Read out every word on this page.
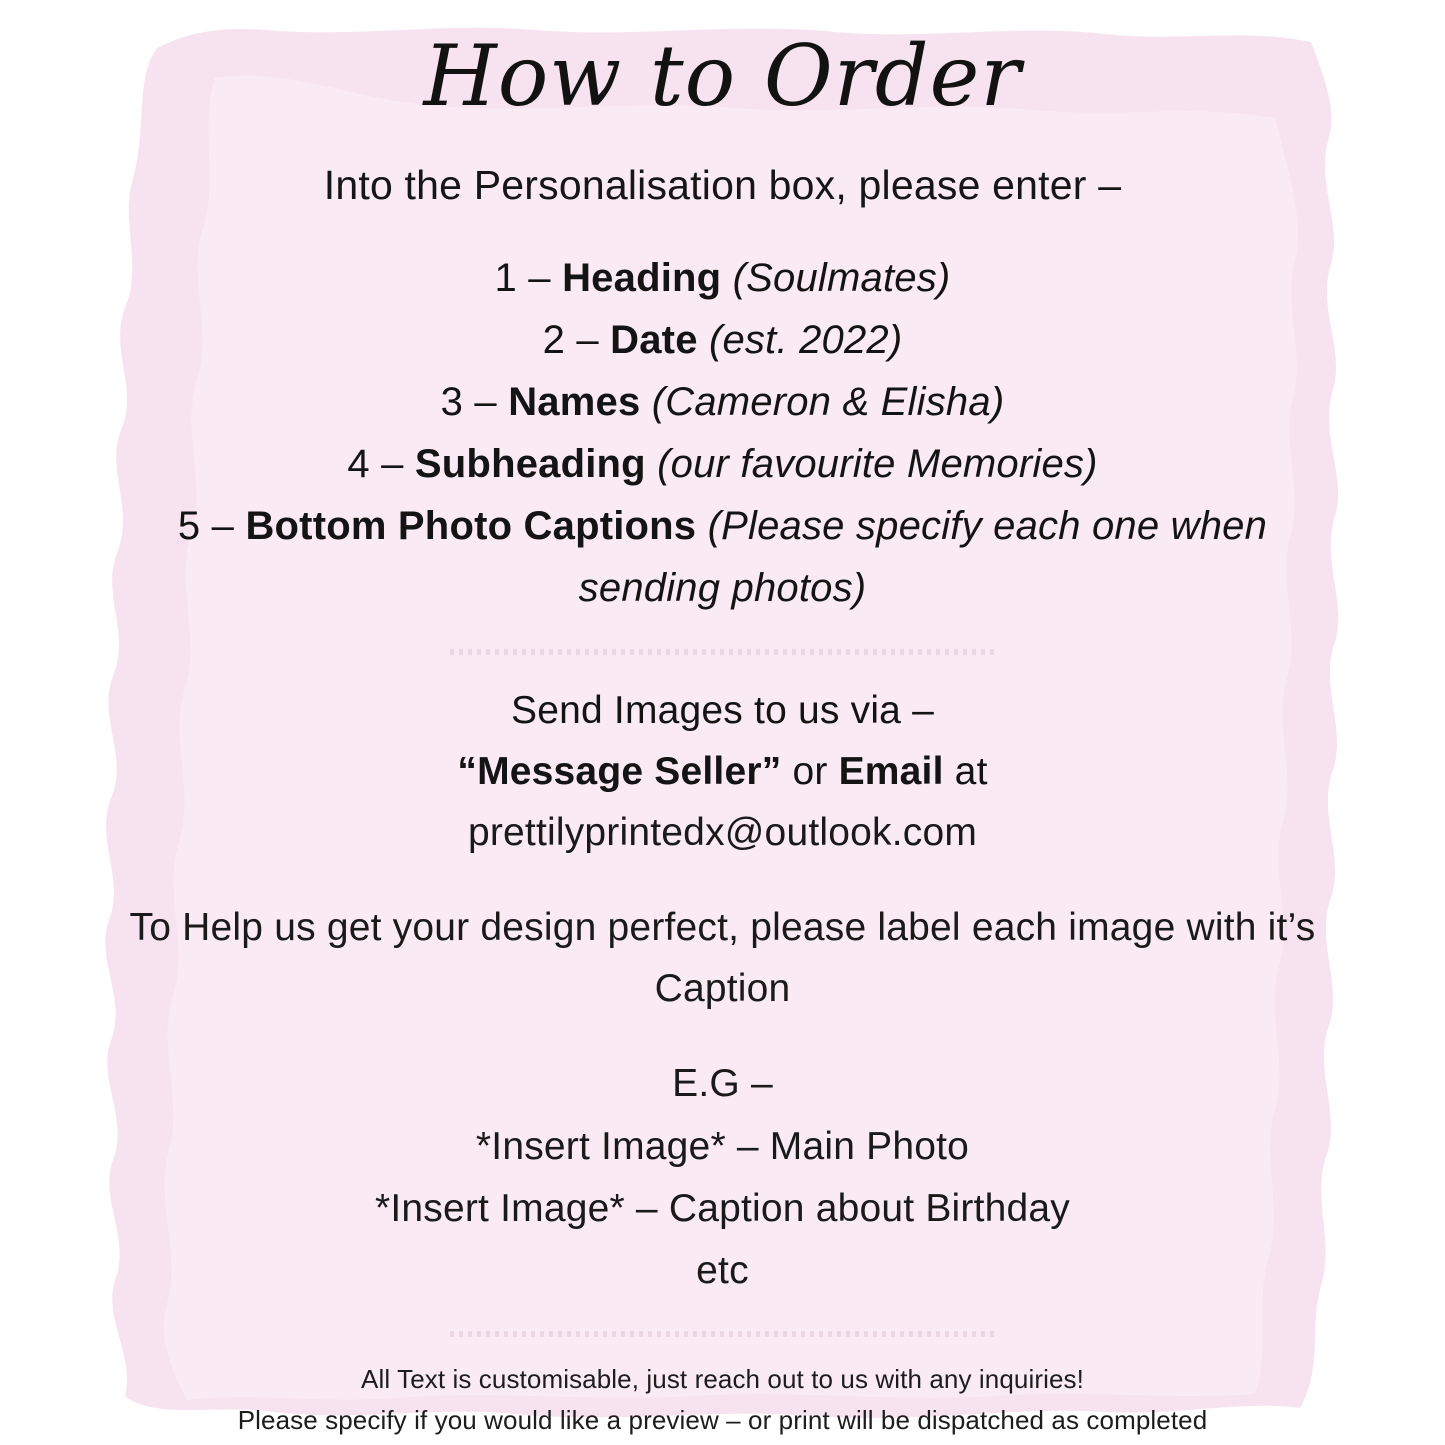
How to Order
Into the Personalisation box, please enter –
1 – Heading (Soulmates)
2 – Date (est. 2022)
3 – Names (Cameron & Elisha)
4 – Subheading (our favourite Memories)
5 – Bottom Photo Captions (Please specify each one when sending photos)
Send Images to us via –
“Message Seller” or Email at
prettilyprintedx@outlook.com
To Help us get your design perfect, please label each image with it’s Caption
E.G –
*Insert Image* – Main Photo
*Insert Image* – Caption about Birthday
etc
All Text is customisable, just reach out to us with any inquiries!
Please specify if you would like a preview – or print will be dispatched as completed
